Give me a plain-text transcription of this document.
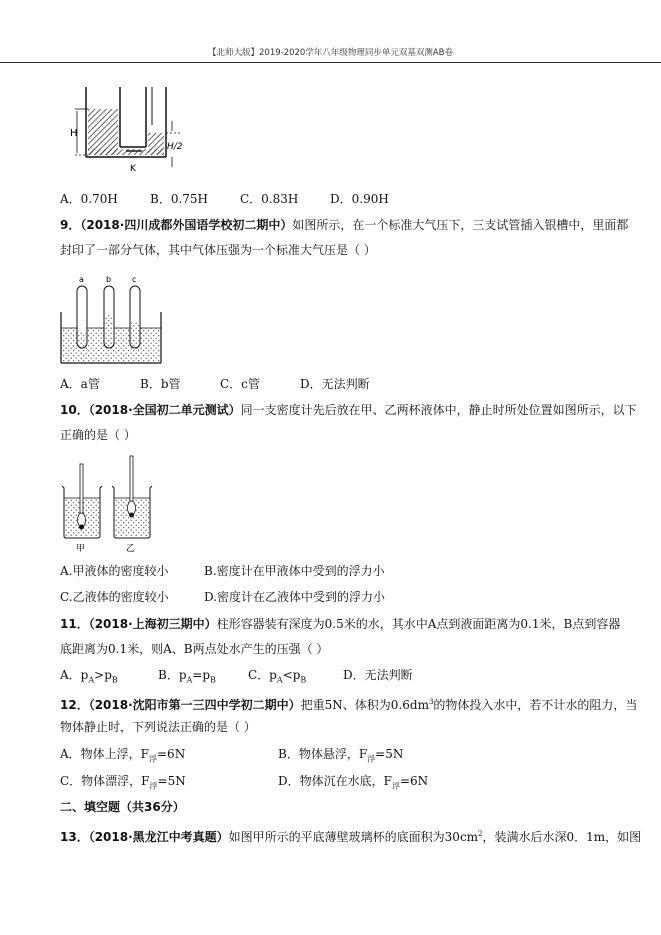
【北师大版】2019-2020学年八年级物理同步单元双基双测AB卷
H
H/2
K
A．0.70H	B．0.75H	C．0.83H	D．0.90H
9．（2018·四川成都外国语学校初二期中）如图所示，在一个标准大气压下，三支试管插入银槽中，里面都
封印了一部分气体，其中气体压强为一个标准大气压是（ ）
a	b	c
A．a管	B．b管	C．c管	D．无法判断
10．（2018·全国初二单元测试）同一支密度计先后放在甲、乙两杯液体中，静止时所处位置如图所示，以下
正确的是（ ）
甲	乙
A.甲液体的密度较小	B.密度计在甲液体中受到的浮力小
C.乙液体的密度较小	D.密度计在乙液体中受到的浮力小
11．（2018·上海初三期中）柱形容器装有深度为0.5米的水，其水中A点到液面距离为0.1米，B点到容器
底距离为0.1米，则A、B两点处水产生的压强（ ）
A．$p_A>p_B$	B．$p_A=p_B$	C．$p_A<p_B$	D．无法判断
12．（2018·沈阳市第一三四中学初二期中）把重5N、体积为$0.6dm^3$的物体投入水中，若不计水的阻力，当
物体静止时，下列说法正确的是（ ）
A．物体上浮，$F_浮=6N$	B．物体悬浮，$F_浮=5N$
C．物体漂浮，$F_浮=5N$	D．物体沉在水底，$F_浮=6N$
二、填空题（共36分）
13．（2018·黑龙江中考真题）如图甲所示的平底薄壁玻璃杯的底面积为$30cm^2$，装满水后水深0．1m，如图
